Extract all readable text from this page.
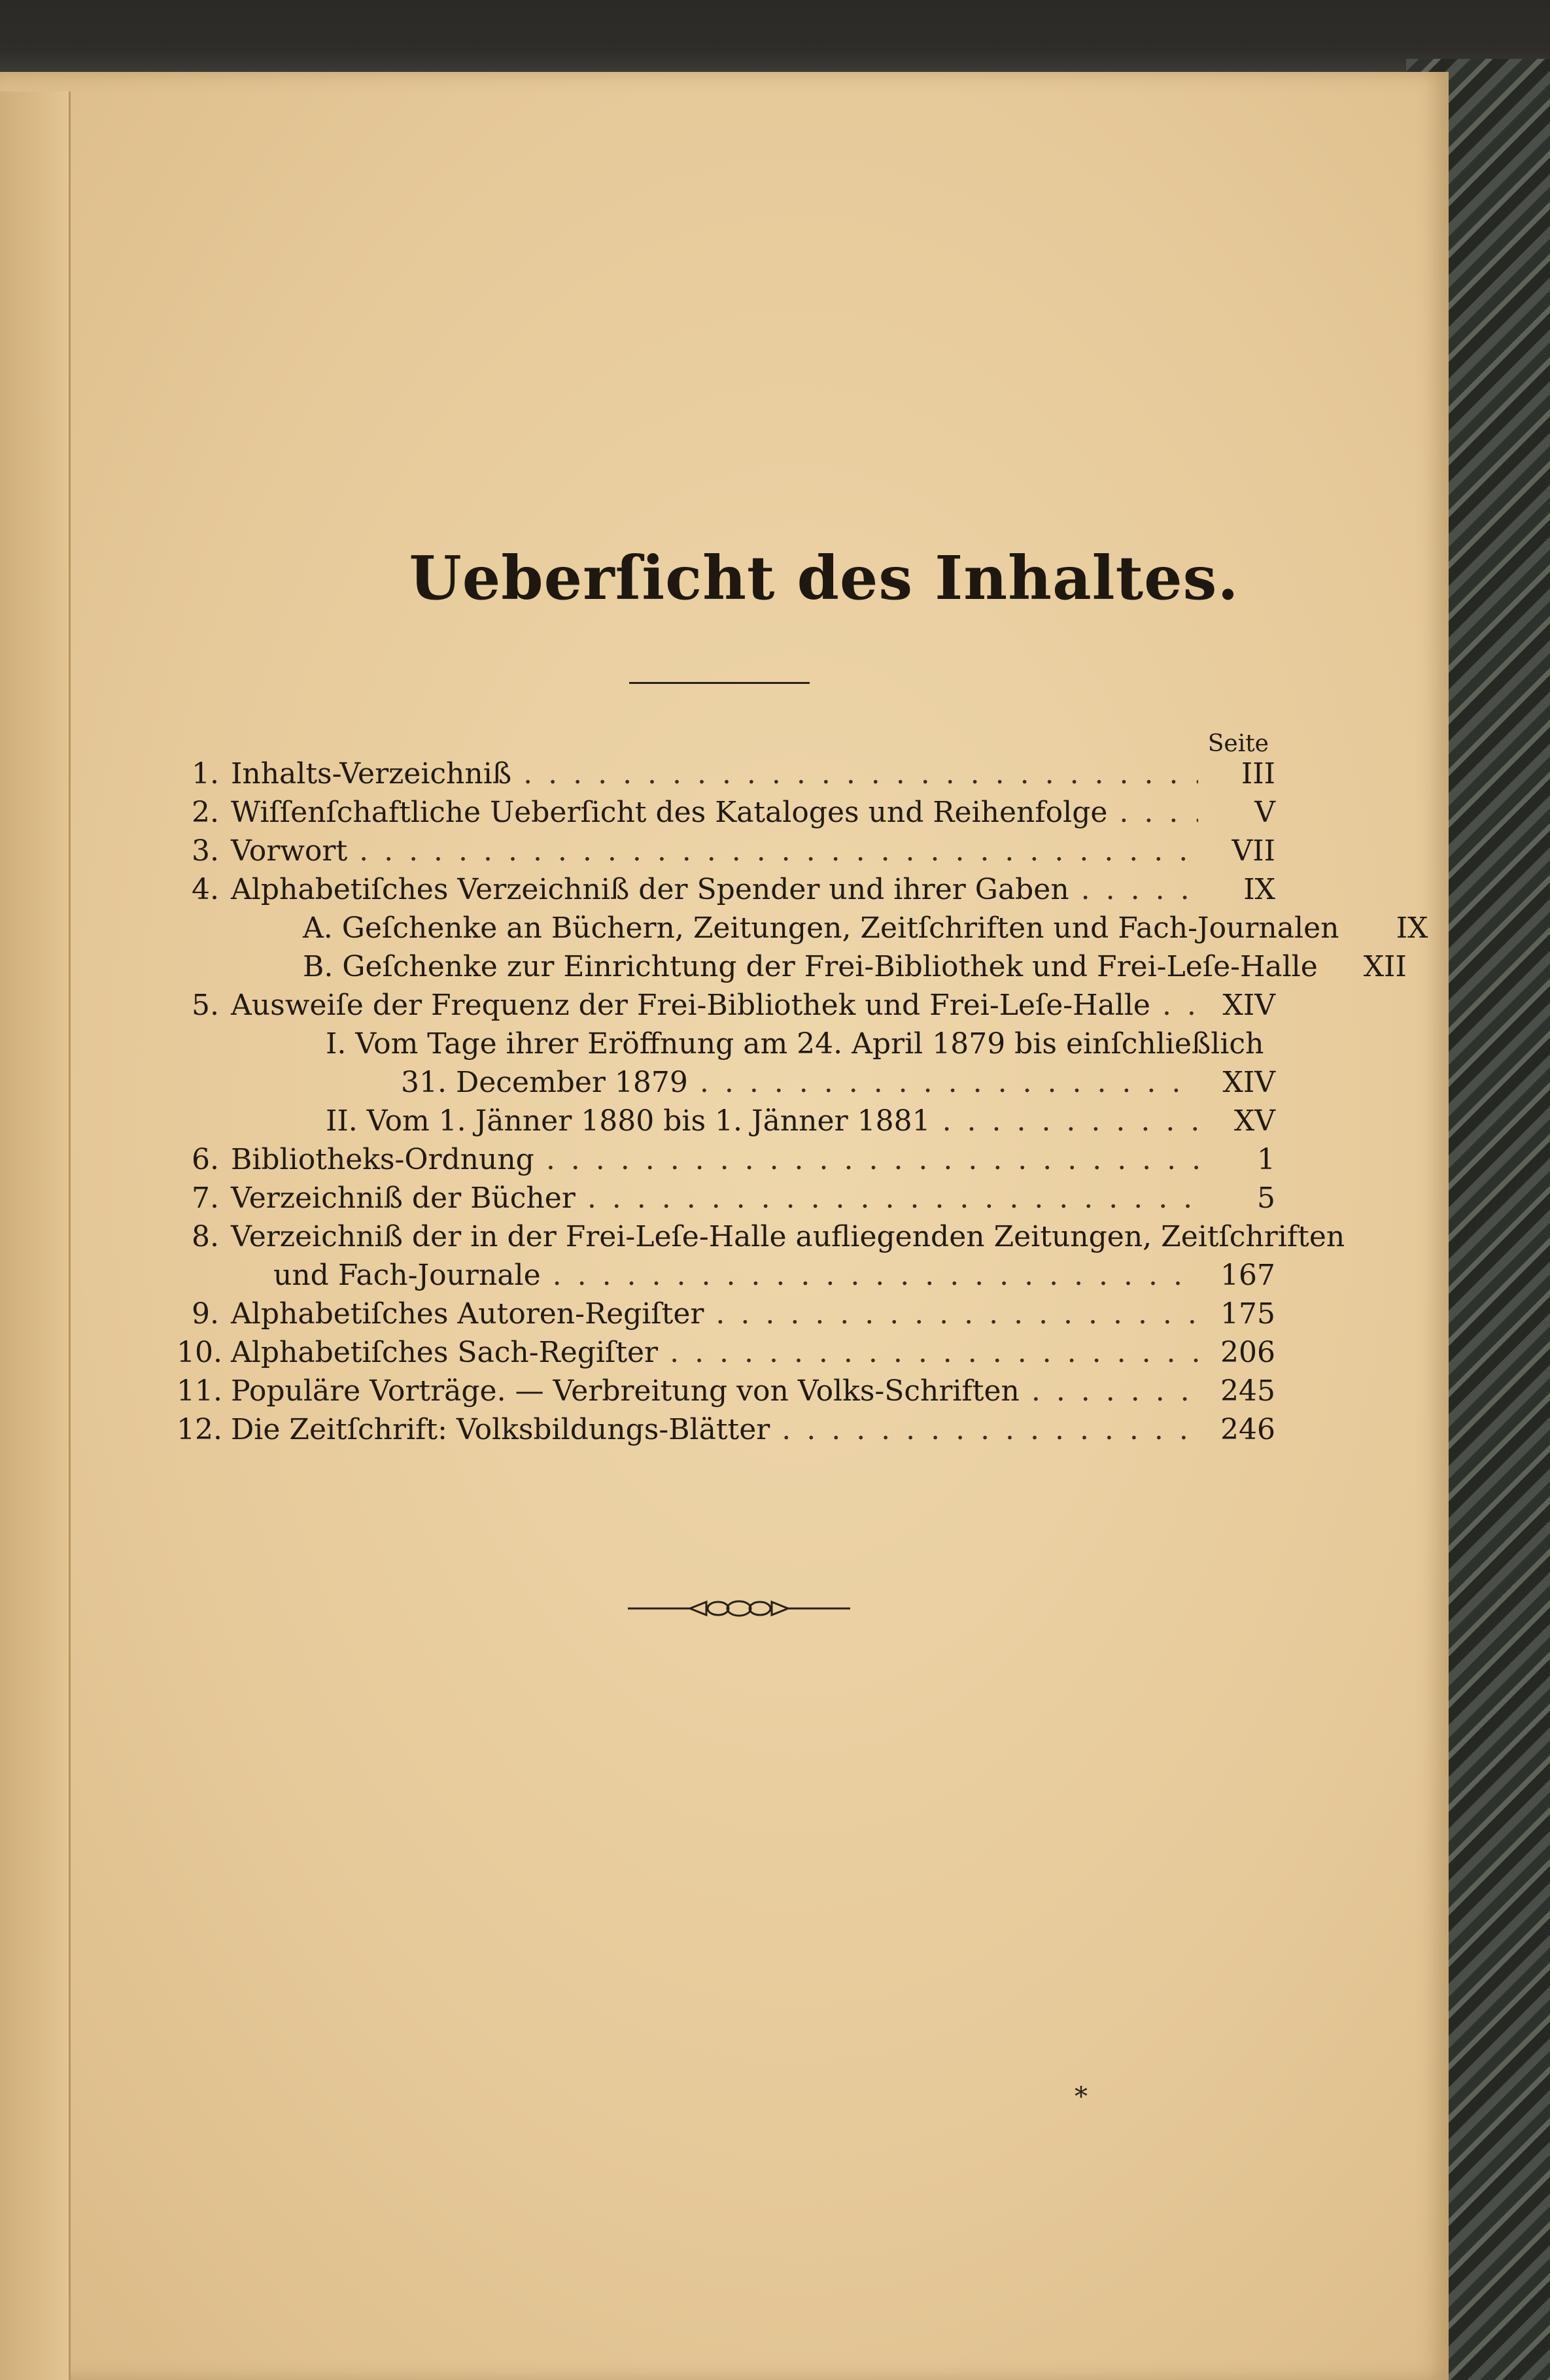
Ueberſicht des Inhaltes.
Seite
1. Inhalts-Verzeichniß . . .	III
2. Wiſſenſchaftliche Ueberſicht des Kataloges und Reihenfolge . . .	V
3. Vorwort . . .	VII
4. Alphabetiſches Verzeichniß der Spender und ihrer Gaben . . .	IX
A. Geſchenke an Büchern, Zeitungen, Zeitſchriften und Fach-Journalen	IX
B. Geſchenke zur Einrichtung der Frei-Bibliothek und Frei-Leſe-Halle	XII
5. Ausweiſe der Frequenz der Frei-Bibliothek und Frei-Leſe-Halle . . .	XIV
I. Vom Tage ihrer Eröffnung am 24. April 1879 bis einſchließlich
31. December 1879 . . .	XIV
II. Vom 1. Jänner 1880 bis 1. Jänner 1881 . . .	XV
6. Bibliotheks-Ordnung . . .	1
7. Verzeichniß der Bücher . . .	5
8. Verzeichniß der in der Frei-Leſe-Halle aufliegenden Zeitungen, Zeitſchriften
und Fach-Journale . . .	167
9. Alphabetiſches Autoren-Regiſter . . .	175
10. Alphabetiſches Sach-Regiſter . . .	206
11. Populäre Vorträge. — Verbreitung von Volks-Schriften . . .	245
12. Die Zeitſchrift: Volksbildungs-Blätter . . .	246
*
